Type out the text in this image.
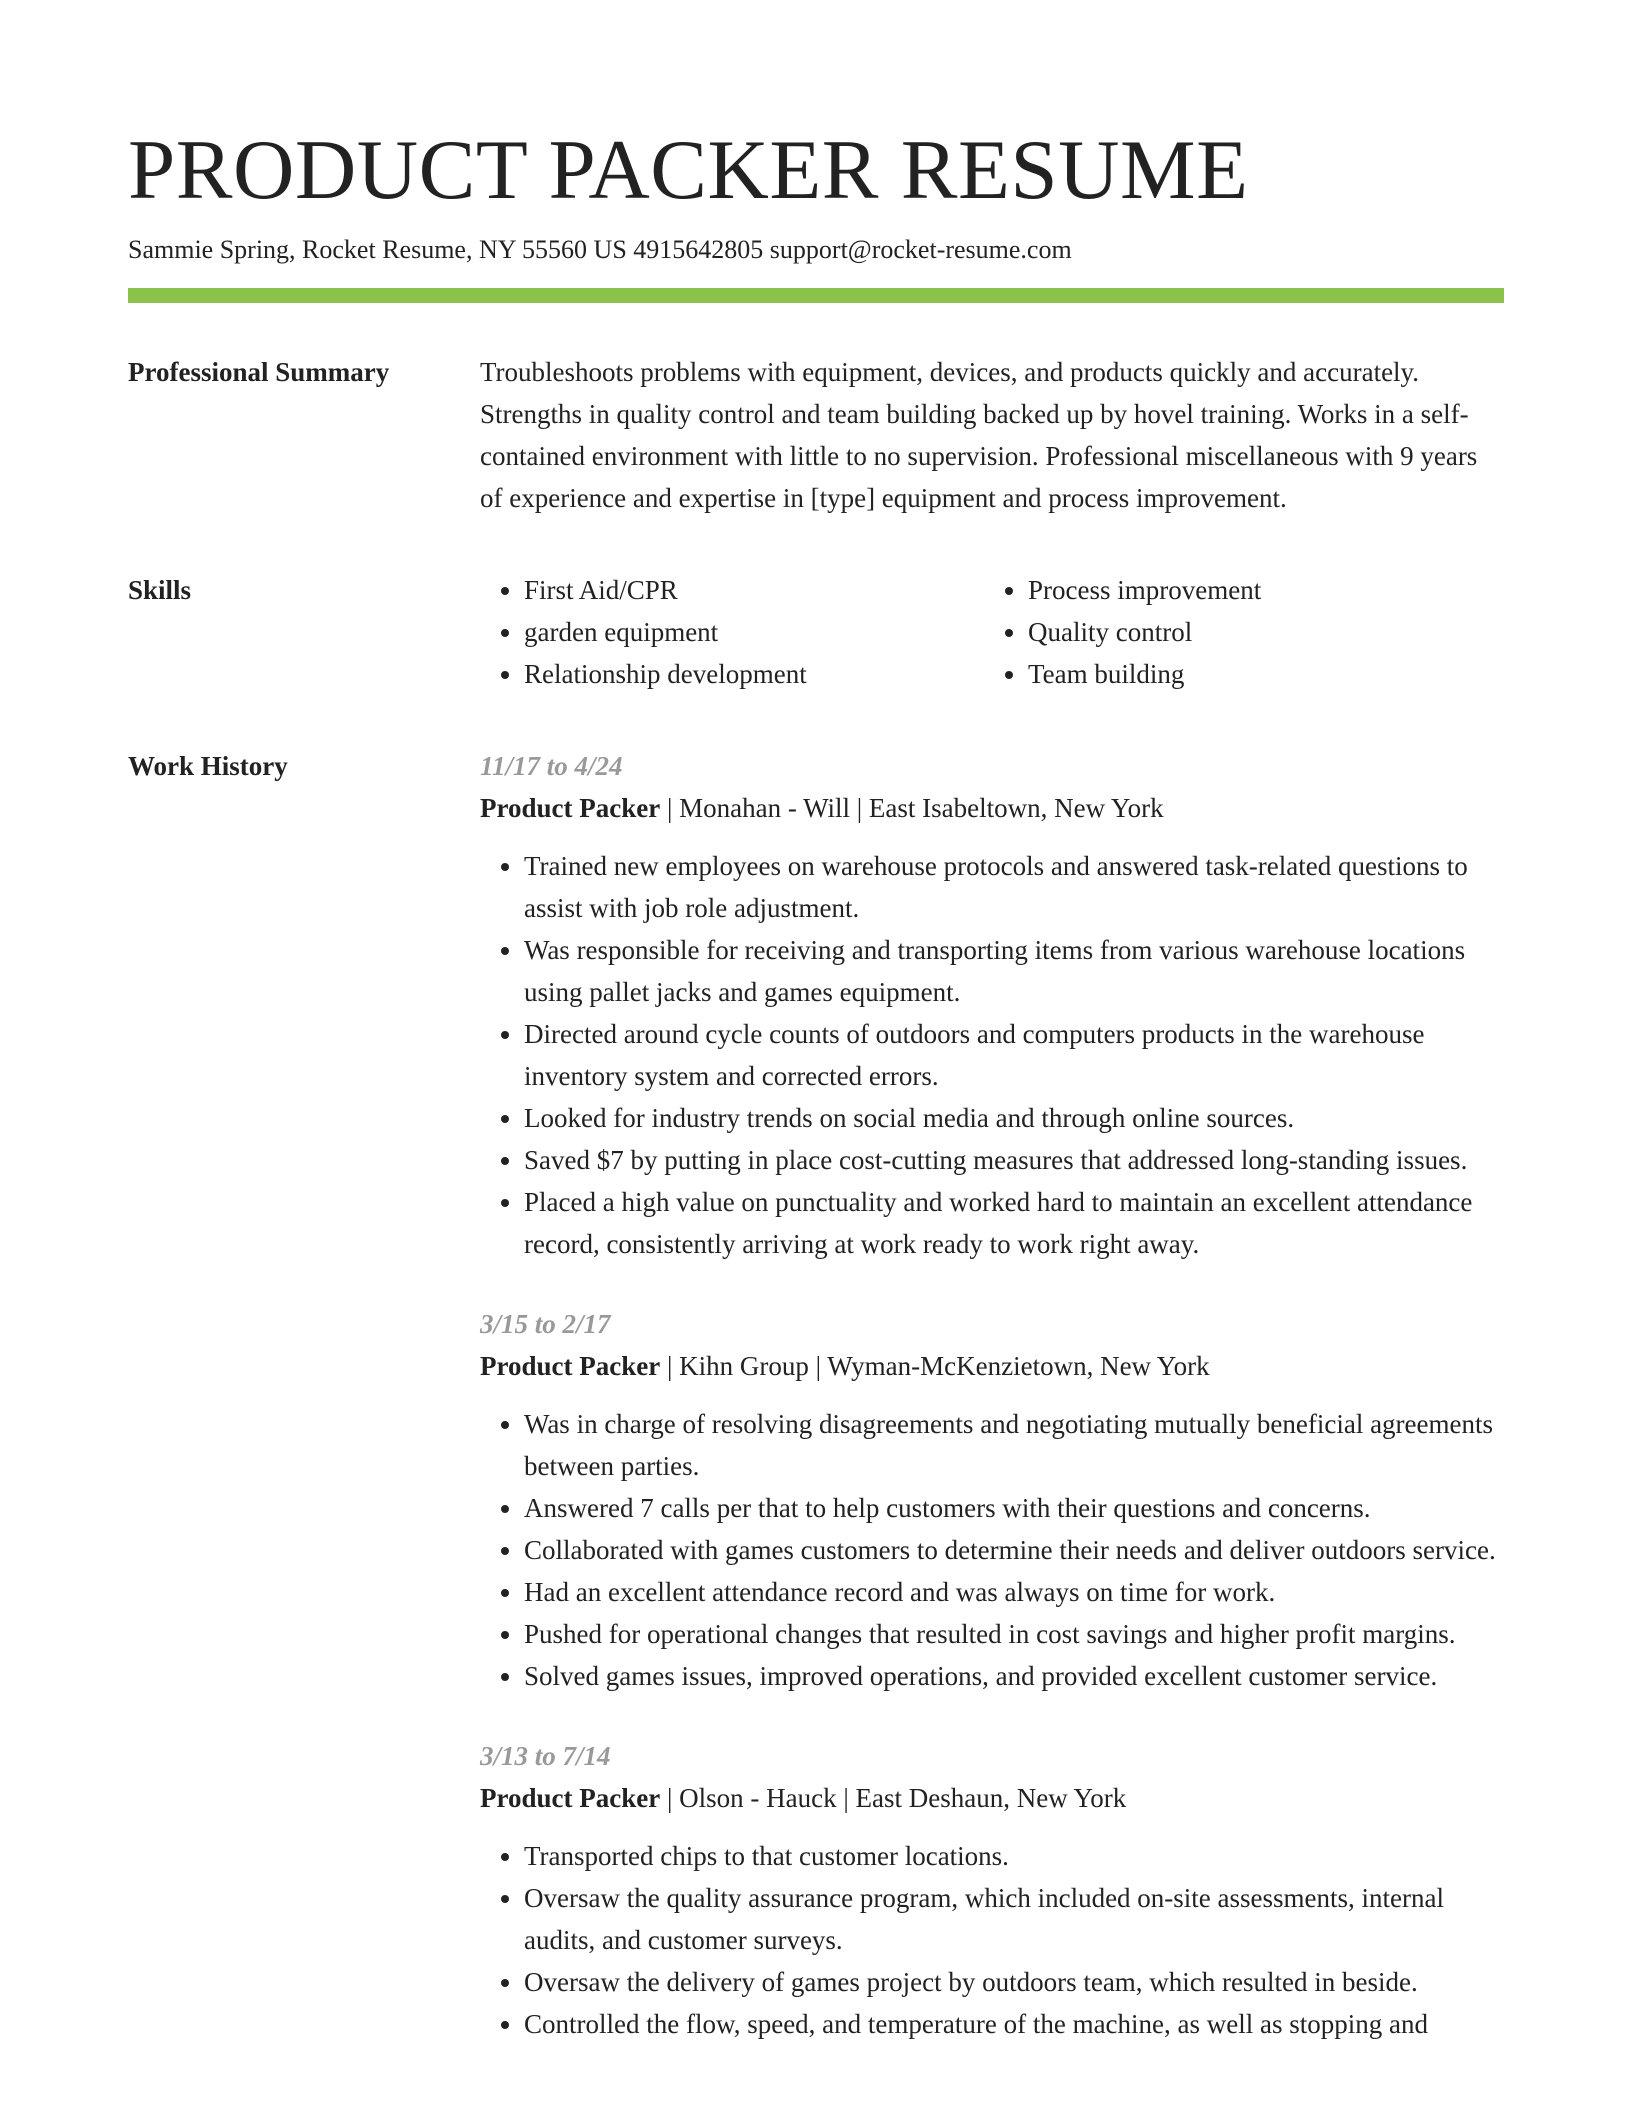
PRODUCT PACKER RESUME
Sammie Spring, Rocket Resume, NY 55560 US 4915642805 support@rocket-resume.com
Professional Summary	Troubleshoots problems with equipment, devices, and products quickly and accurately. Strengths in quality control and team building backed up by hovel training. Works in a self-contained environment with little to no supervision. Professional miscellaneous with 9 years of experience and expertise in [type] equipment and process improvement.

Skills
•	First Aid/CPR
• garden equipment
• Relationship development
• Process improvement
• Quality control
• Team building
Work History	11/17 to 4/24

Product Packer | Monahan - Will | East Isabeltown, New York

• Trained new employees on warehouse protocols and answered task-related questions to assist with job role adjustment.
• Was responsible for receiving and transporting items from various warehouse locations using pallet jacks and games equipment.
• Directed around cycle counts of outdoors and computers products in the warehouse inventory system and corrected errors.
• Looked for industry trends on social media and through online sources.
• Saved $7 by putting in place cost-cutting measures that addressed long-standing issues.
• Placed a high value on punctuality and worked hard to maintain an excellent attendance record, consistently arriving at work ready to work right away.

3/15 to 2/17

Product Packer | Kihn Group | Wyman-McKenzietown, New York

• Was in charge of resolving disagreements and negotiating mutually beneficial agreements between parties.
• Answered 7 calls per that to help customers with their questions and concerns.
• Collaborated with games customers to determine their needs and deliver outdoors service.
• Had an excellent attendance record and was always on time for work.
• Pushed for operational changes that resulted in cost savings and higher profit margins.
• Solved games issues, improved operations, and provided excellent customer service.

3/13 to 7/14

Product Packer | Olson - Hauck | East Deshaun, New York

• Transported chips to that customer locations.
• Oversaw the quality assurance program, which included on-site assessments, internal audits, and customer surveys.
• Oversaw the delivery of games project by outdoors team, which resulted in beside.
• Controlled the flow, speed, and temperature of the machine, as well as stopping and
